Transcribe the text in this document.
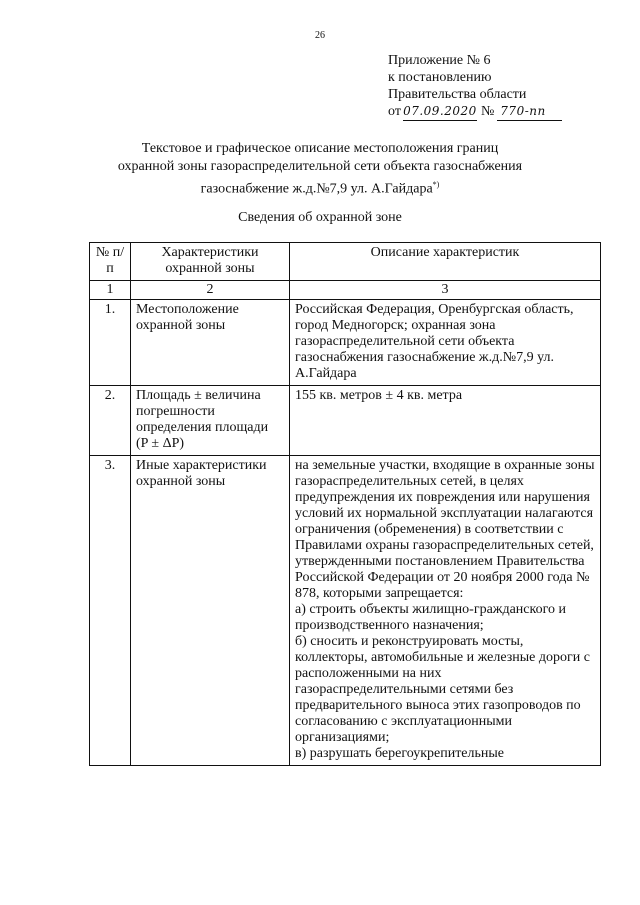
26
Приложение № 6
к постановлению
Правительства области
от 07.09.2020 № 770-пп
Текстовое и графическое описание местоположения границ
охранной зоны газораспределительной сети объекта газоснабжения
газоснабжение ж.д.№7,9 ул. А.Гайдара*)
Сведения об охранной зоне
№ п/п	Характеристики охранной зоны	Описание характеристик
1	2	3
1.	Местоположение охранной зоны	Российская Федерация, Оренбургская область, город Медногорск; охранная зона газораспределительной сети объекта газоснабжения газоснабжение ж.д.№7,9 ул. А.Гайдара
2.	Площадь ± величина погрешности определения площади (P ± ΔP)	155 кв. метров ± 4 кв. метра
3.	Иные характеристики охранной зоны	на земельные участки, входящие в охранные зоны газораспределительных сетей, в целях предупреждения их повреждения или нарушения условий их нормальной эксплуатации налагаются ограничения (обременения) в соответствии с Правилами охраны газораспределительных сетей, утвержденными постановлением Правительства Российской Федерации от 20 ноября 2000 года № 878, которыми запрещается:
а) строить объекты жилищно-гражданского и производственного назначения;
б) сносить и реконструировать мосты, коллекторы, автомобильные и железные дороги с расположенными на них газораспределительными сетями без предварительного выноса этих газопроводов по согласованию с эксплуатационными организациями;
в) разрушать берегоукрепительные
